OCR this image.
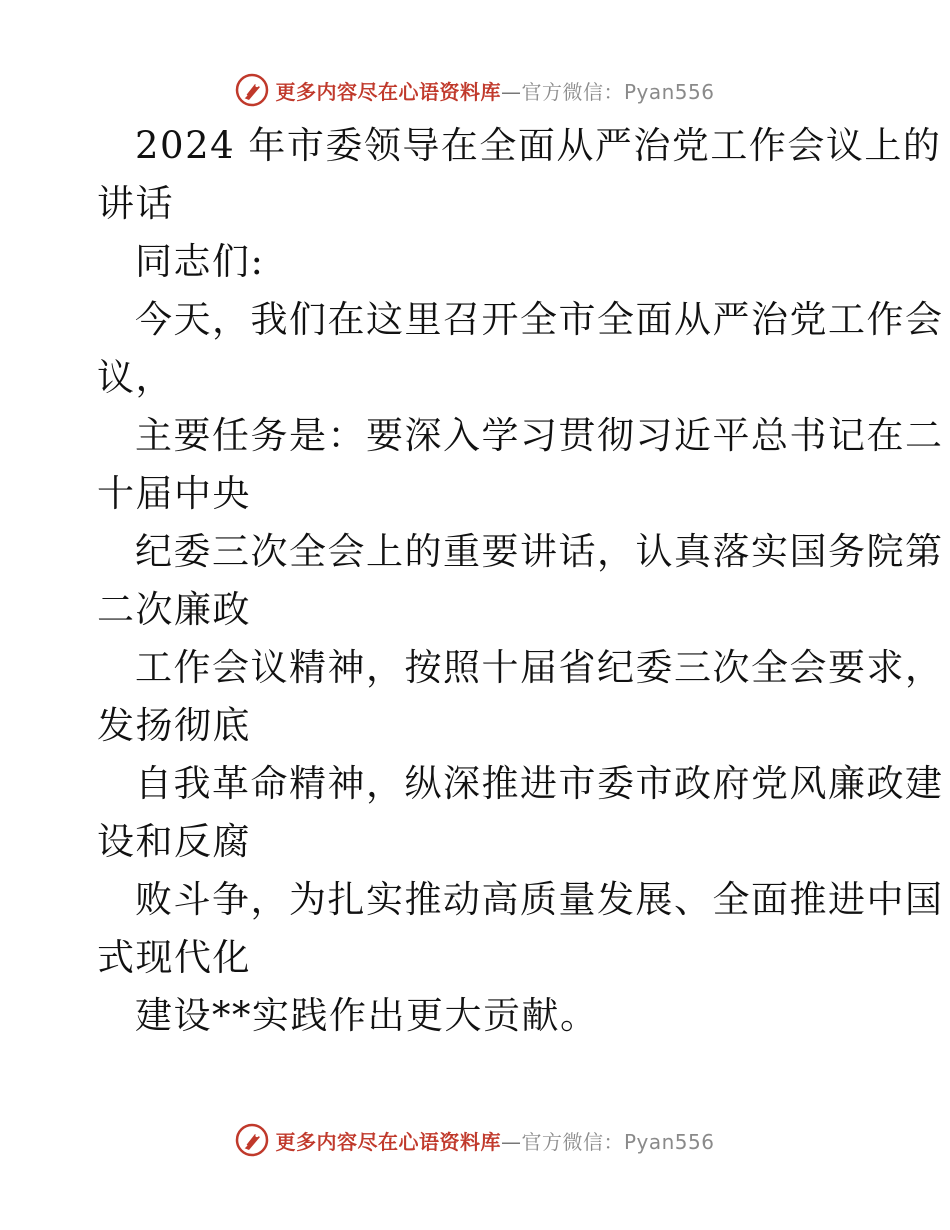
更多内容尽在心语资料库—官方微信：Pyan556
2024 年市委领导在全面从严治党工作会议上的
讲话
同志们:
今天，我们在这里召开全市全面从严治党工作会
议，
主要任务是：要深入学习贯彻习近平总书记在二
十届中央
纪委三次全会上的重要讲话，认真落实国务院第
二次廉政
工作会议精神，按照十届省纪委三次全会要求，
发扬彻底
自我革命精神，纵深推进市委市政府党风廉政建
设和反腐
败斗争，为扎实推动高质量发展、全面推进中国
式现代化
建设**实践作出更大贡献。
更多内容尽在心语资料库—官方微信：Pyan556
